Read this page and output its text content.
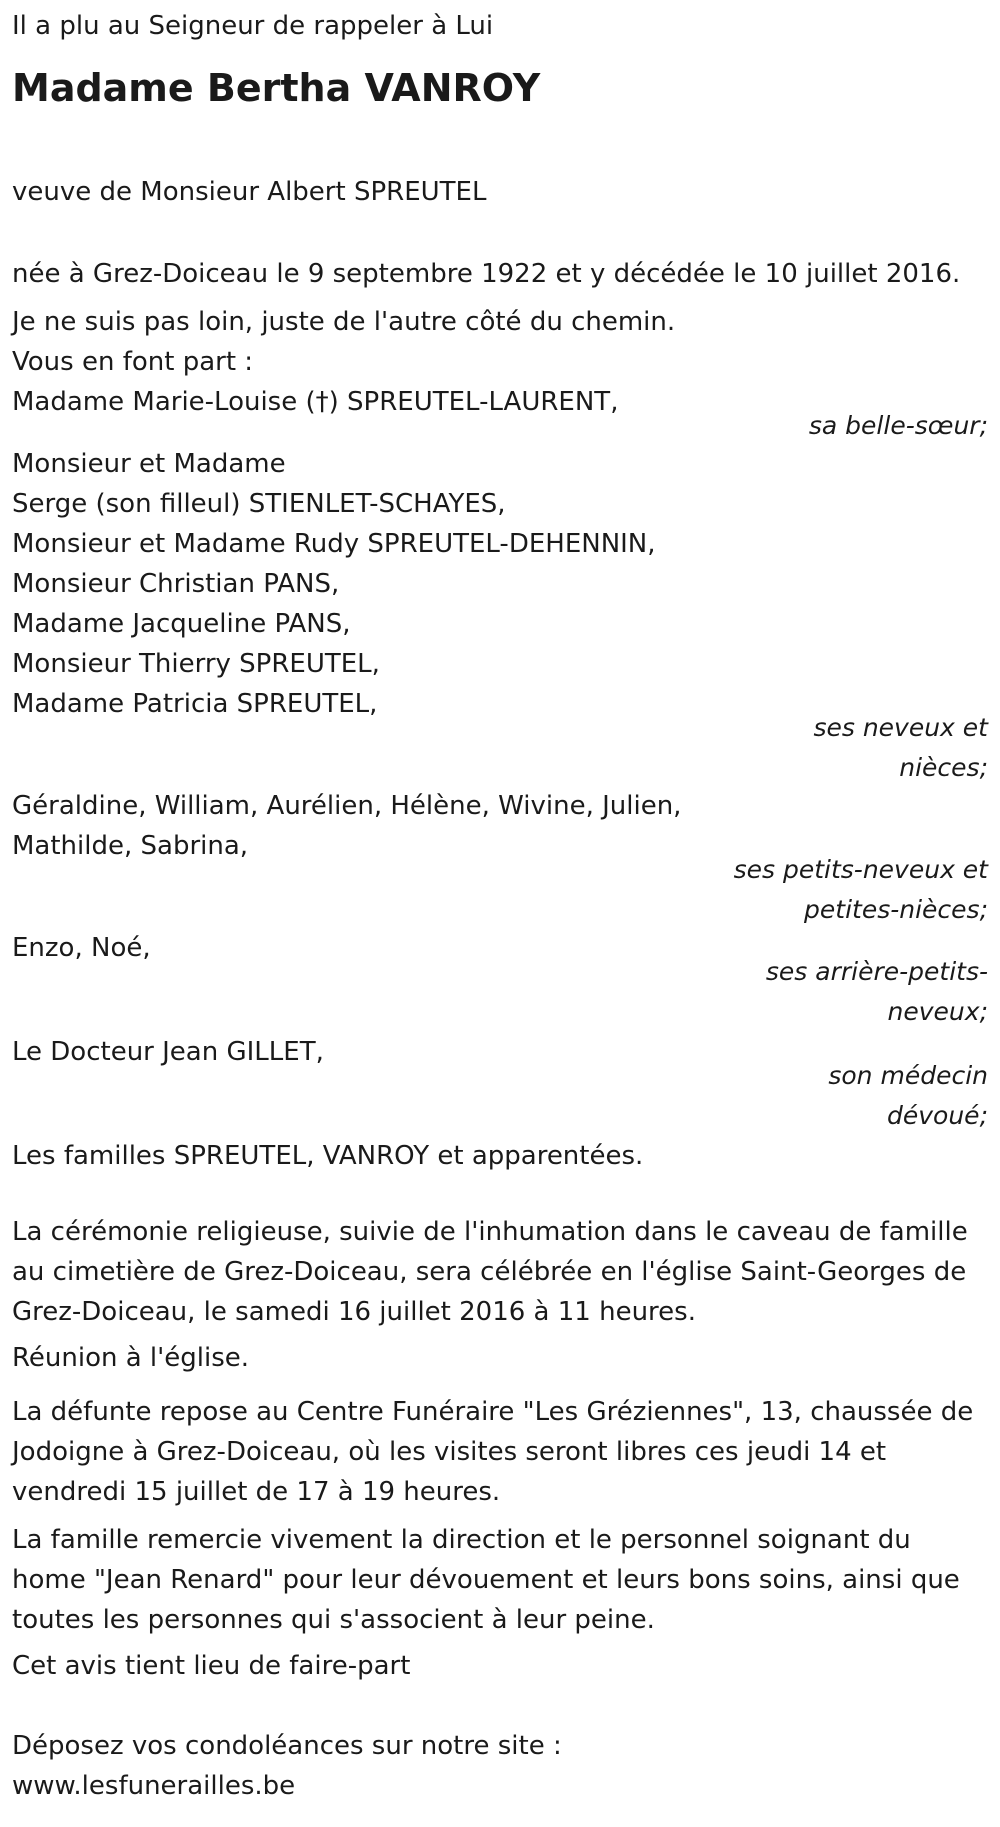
Il a plu au Seigneur de rappeler à Lui
Madame Bertha VANROY
veuve de Monsieur Albert SPREUTEL
née à Grez-Doiceau le 9 septembre 1922 et y décédée le 10 juillet 2016.
Je ne suis pas loin, juste de l'autre côté du chemin.
Vous en font part :
Madame Marie-Louise (†) SPREUTEL-LAURENT,
sa belle-sœur;
Monsieur et Madame
Serge (son filleul) STIENLET-SCHAYES,
Monsieur et Madame Rudy SPREUTEL-DEHENNIN,
Monsieur Christian PANS,
Madame Jacqueline PANS,
Monsieur Thierry SPREUTEL,
Madame Patricia SPREUTEL,
ses neveux et
nièces;
Géraldine, William, Aurélien, Hélène, Wivine, Julien,
Mathilde, Sabrina,
ses petits-neveux et
petites-nièces;
Enzo, Noé,
ses arrière-petits-
neveux;
Le Docteur Jean GILLET,
son médecin
dévoué;
Les familles SPREUTEL, VANROY et apparentées.
La cérémonie religieuse, suivie de l'inhumation dans le caveau de famille
au cimetière de Grez-Doiceau, sera célébrée en l'église Saint-Georges de
Grez-Doiceau, le samedi 16 juillet 2016 à 11 heures.
Réunion à l'église.
La défunte repose au Centre Funéraire "Les Gréziennes", 13, chaussée de
Jodoigne à Grez-Doiceau, où les visites seront libres ces jeudi 14 et
vendredi 15 juillet de 17 à 19 heures.
La famille remercie vivement la direction et le personnel soignant du
home "Jean Renard" pour leur dévouement et leurs bons soins, ainsi que
toutes les personnes qui s'associent à leur peine.
Cet avis tient lieu de faire-part
Déposez vos condoléances sur notre site :
www.lesfunerailles.be
